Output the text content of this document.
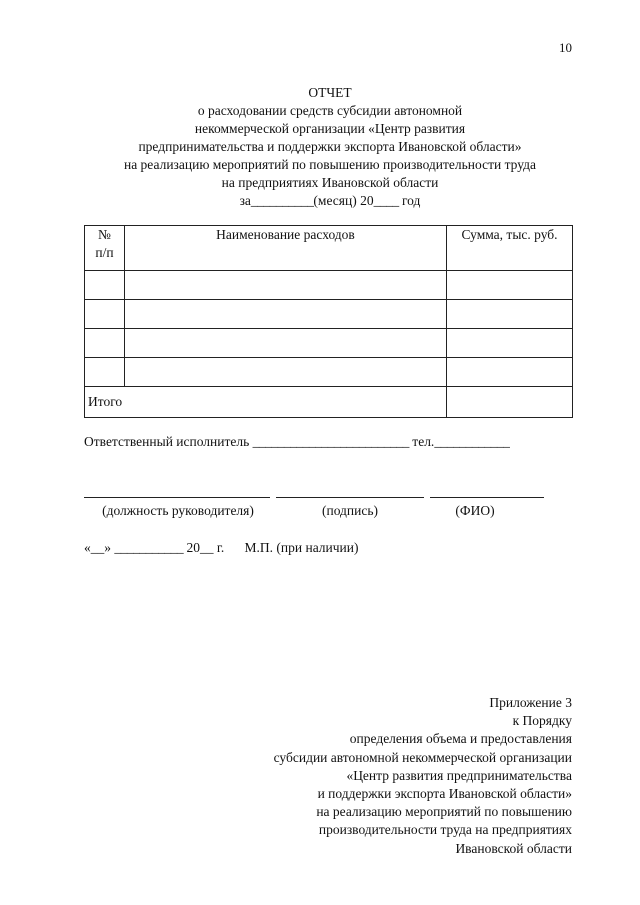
10
ОТЧЕТ
о расходовании средств субсидии автономной
некоммерческой организации «Центр развития
предпринимательства и поддержки экспорта Ивановской области»
на реализацию мероприятий по повышению производительности труда
на предприятиях Ивановской области
за__________(месяц) 20____ год
№
п/п	Наименование расходов	Сумма, тыс. руб.

Итого		
Ответственный исполнитель _________________________ тел.____________
(должность руководителя)	(подпись)	(ФИО)
«__» ___________ 20__ г. М.П. (при наличии)
Приложение 3
к Порядку
определения объема и предоставления
субсидии автономной некоммерческой организации
«Центр развития предпринимательства
и поддержки экспорта Ивановской области»
на реализацию мероприятий по повышению
производительности труда на предприятиях
Ивановской области
